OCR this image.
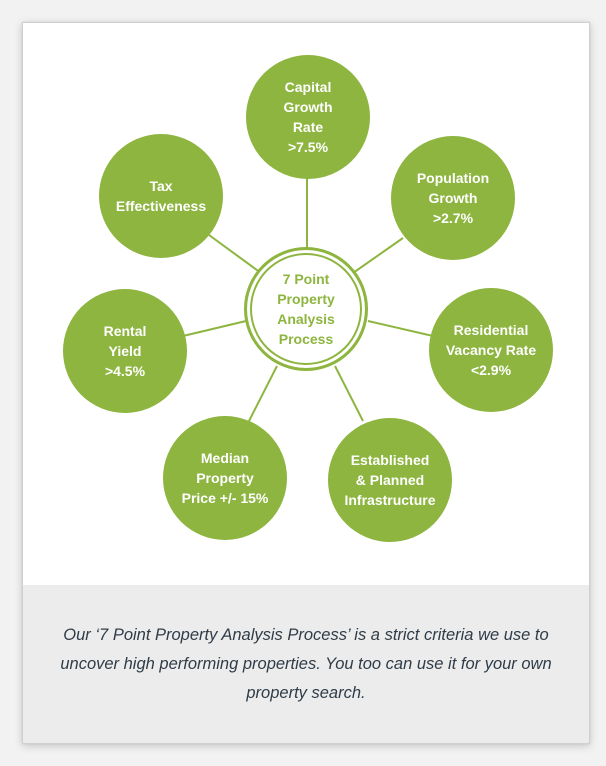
Capital
Growth
Rate
>7.5%
Population
Growth
>2.7%
Residential
Vacancy Rate
<2.9%
Established
& Planned
Infrastructure
Median
Property
Price +/- 15%
Rental
Yield
>4.5%
Tax
Effectiveness
7 Point
Property
Analysis
Process

Our ‘7 Point Property Analysis Process’ is a strict criteria we use to uncover high performing properties. You too can use it for your own property search.
